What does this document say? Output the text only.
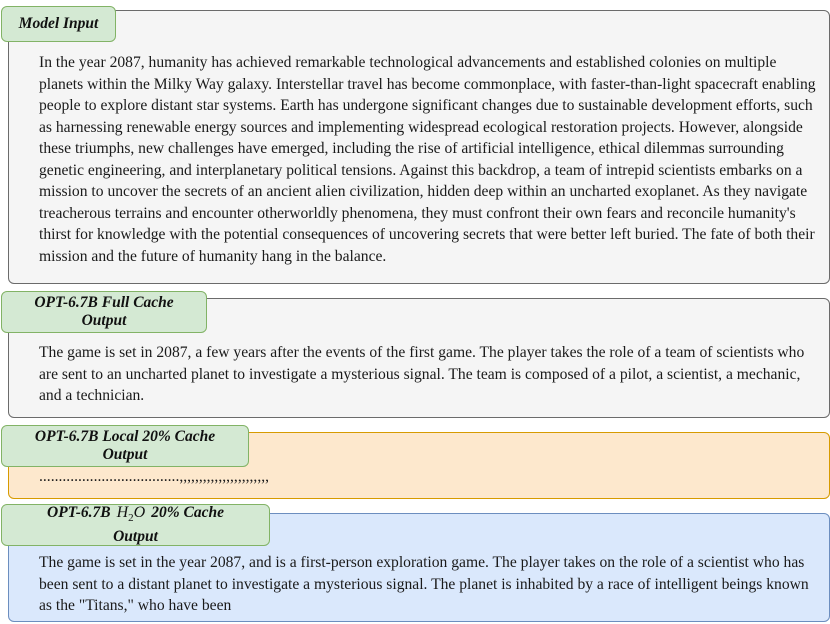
In the year 2087, humanity has achieved remarkable technological advancements and established colonies on multiple planets within the Milky Way galaxy. Interstellar travel has become commonplace, with faster-than-light spacecraft enabling people to explore distant star systems. Earth has undergone significant changes due to sustainable development efforts, such as harnessing renewable energy sources and implementing widespread ecological restoration projects. However, alongside these triumphs, new challenges have emerged, including the rise of artificial intelligence, ethical dilemmas surrounding genetic engineering, and interplanetary political tensions. Against this backdrop, a team of intrepid scientists embarks on a mission to uncover the secrets of an ancient alien civilization, hidden deep within an uncharted exoplanet. As they navigate treacherous terrains and encounter otherworldly phenomena, they must confront their own fears and reconcile humanity's thirst for knowledge with the potential consequences of uncovering secrets that were better left buried. The fate of both their mission and the future of humanity hang in the balance.
Model Input
The game is set in 2087, a few years after the events of the first game. The player takes the role of a team of scientists who are sent to an uncharted planet to investigate a mysterious signal. The team is composed of a pilot, a scientist, a mechanic, and a technician.
OPT-6.7B Full Cache
Output
....................................,,,,,,,,,,,,,,,,,,,,,,,
OPT-6.7B Local 20% Cache
Output
The game is set in the year 2087, and is a first-person exploration game. The player takes on the role of a scientist who has been sent to a distant planet to investigate a mysterious signal. The planet is inhabited by a race of intelligent beings known as the "Titans," who have been
OPT-6.7B $H_2O$ 20% Cache
Output
